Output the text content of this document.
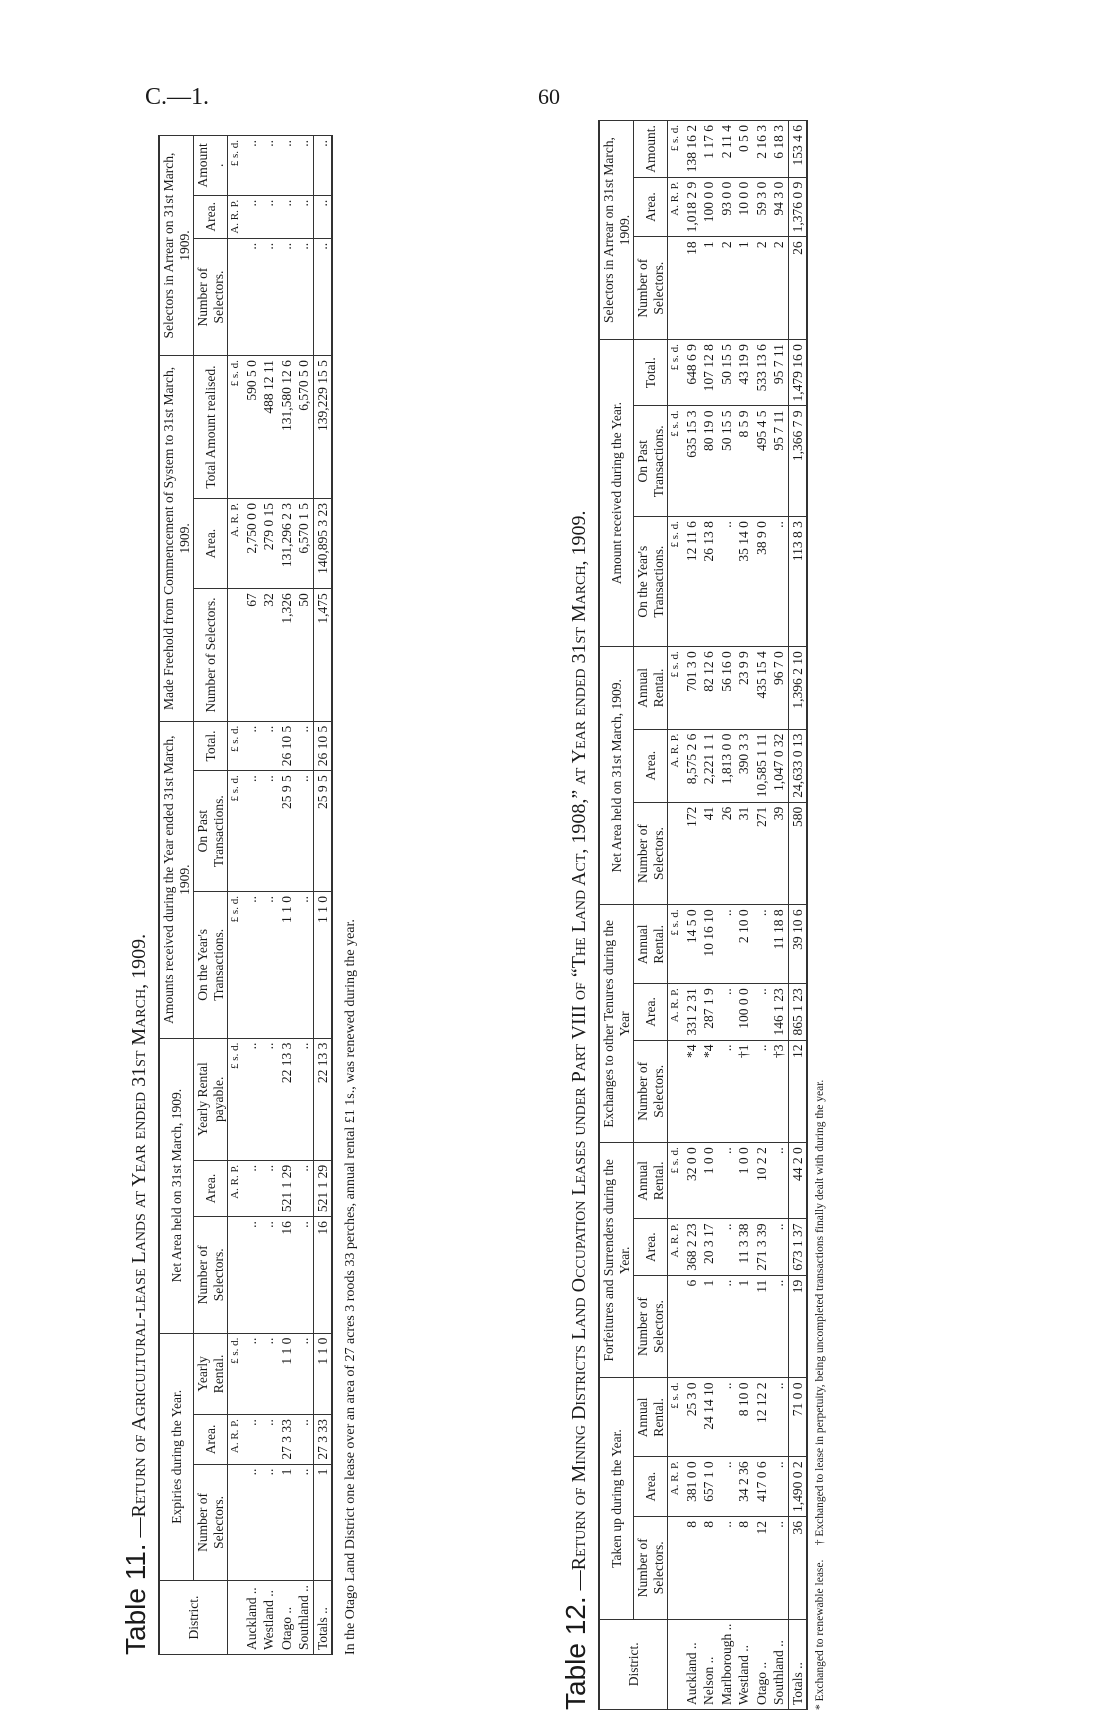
C.—1.	60
Table 11.—Return of Agricultural-lease Lands at Year ended 31st March, 1909.
District.	Expiries during the Year.			Net Area held on 31st March, 1909.			Amounts received during the Year ended 31st March, 1909.			Made Freehold from Commencement of System to 31st March, 1909.			Selectors in Arrear on 31st March, 1909.		
	Number of Selectors.	Area.	Yearly Rental.	Number of Selectors.	Area.	Yearly Rental payable.	On the Year's Transactions.	On Past Transactions.	Total.	Number of Selectors.	Area.	Total Amount realised.	Number of Selectors.	Area.	Amount .
		A. R. P.	£ s. d.		A. R. P.	£ s. d.	£ s. d.	£ s. d.	£ s. d.		A. R. P.	£ s. d.		A. R. P.	£ s. d.
Auckland ..	..	..	..	..	..	..	..	..	..	67	2,750 0 0	590 5 0	..	..	..
Westland ..	..	..	..	..	..	..	..	..	..	32	279 0 15	488 12 11	..	..	..
Otago ..	1	27 3 33	1 1 0	16	521 1 29	22 13 3	1 1 0	25 9 5	26 10 5	1,326	131,296 2 3	131,580 12 6	..	..	..
Southland ..	..	..	..	..	..	..	..	..	..	50	6,570 1 5	6,570 5 0	..	..	..
Totals ..	1	27 3 33	1 1 0	16	521 1 29	22 13 3	1 1 0	25 9 5	26 10 5	1,475	140,895 3 23	139,229 15 5	..	..	..
In the Otago Land District one lease over an area of 27 acres 3 roods 33 perches, annual rental £1 1s., was renewed during the year.	Table 12.—Return of Mining Districts Land Occupation Leases under Part VIII of “The Land Act, 1908,” at Year ended 31st March, 1909.
District.	Taken up during the Year.			Forfeitures and Surrenders during the Year.			Exchanges to other Tenures during the Year			Net Area held on 31st March, 1909.			Amount received during the Year.			Selectors in Arrear on 31st March, 1909.		
	Number of Selectors.	Area.	Annual Rental.	Number of Selectors.	Area.	Annual Rental.	Number of Selectors.	Area.	Annual Rental.	Number of Selectors.	Area.	Annual Rental.	On the Year's Transactions.	On Past Transactions.	Total.	Number of Selectors.	Area.	Amount.
		A. R. P.	£ s. d.		A. R. P.	£ s. d.		A. R. P.	£ s. d.		A. R. P.	£ s. d.	£ s. d.	£ s. d.	£ s. d.		A. R. P.	£ s. d.
Auckland ..	8	381 0 0	25 3 0	6	368 2 23	32 0 0	*4	331 2 31	14 5 0	172	8,575 2 6	701 3 0	12 11 6	635 15 3	648 6 9	18	1,018 2 9	138 16 2
Nelson ..	8	657 1 0	24 14 10	1	20 3 17	1 0 0	*4	287 1 9	10 16 10	41	2,221 1 1	82 12 6	26 13 8	80 19 0	107 12 8	1	100 0 0	1 17 6
Marlborough ..	..	..	..	..	..	..	..	..	..	26	1,813 0 0	56 16 0	..	50 15 5	50 15 5	2	93 0 0	2 11 4
Westland ..	8	34 2 36	8 10 0	1	11 3 38	1 0 0	†1	100 0 0	2 10 0	31	390 3 3	23 9 9	35 14 0	8 5 9	43 19 9	1	10 0 0	0 5 0
Otago ..	12	417 0 6	12 12 2	11	271 3 39	10 2 2	..	..	..	271	10,585 1 11	435 15 4	38 9 0	495 4 5	533 13 6	2	59 3 0	2 16 3
Southland ..	..	..	..	..	..	..	†3	146 1 23	11 18 8	39	1,047 0 32	96 7 0	..	95 7 11	95 7 11	2	94 3 0	6 18 3
Totals ..	36	1,490 0 2	71 0 0	19	673 1 37	44 2 0	12	865 1 23	39 10 6	580	24,633 0 13	1,396 2 10	113 8 3	1,366 7 9	1,479 16 0	26	1,376 0 9	153 4 6
* Exchanged to renewable lease.     † Exchanged to lease in perpetuity, being uncompleted transactions finally dealt with during the year.
